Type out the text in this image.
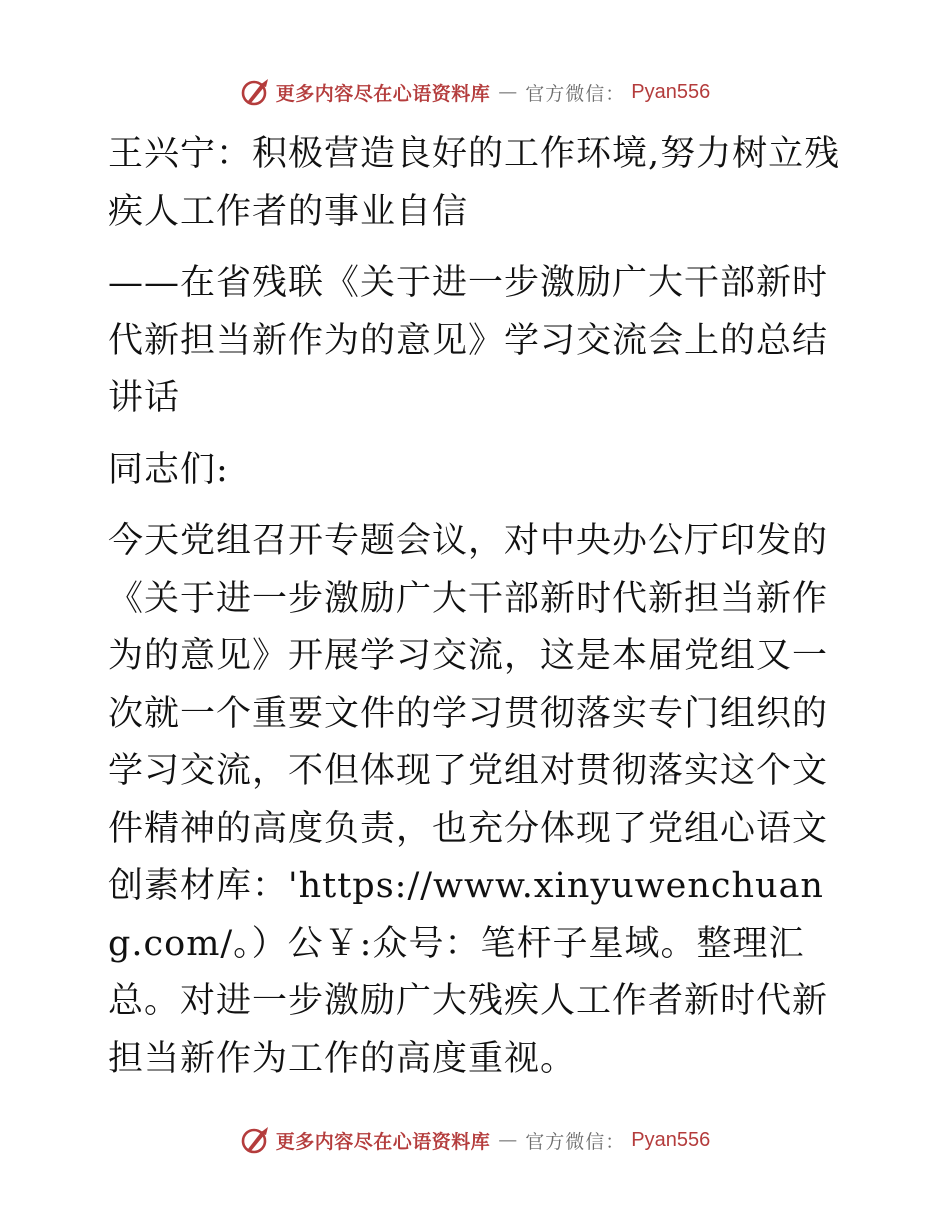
更多内容尽在心语资料库 — 官方微信： Pyan556

王兴宁：积极营造良好的工作环境,努力树立残疾人工作者的事业自信

——在省残联《关于进一步激励广大干部新时代新担当新作为的意见》学习交流会上的总结讲话

同志们:

今天党组召开专题会议，对中央办公厅印发的《关于进一步激励广大干部新时代新担当新作为的意见》开展学习交流，这是本届党组又一次就一个重要文件的学习贯彻落实专门组织的学习交流，不但体现了党组对贯彻落实这个文件精神的高度负责，也充分体现了党组心语文创素材库：'https://www.xinyuwenchuang.com/。）公￥:众号：笔杆子星域。整理汇总。对进一步激励广大残疾人工作者新时代新担当新作为工作的高度重视。

更多内容尽在心语资料库 — 官方微信： Pyan556
